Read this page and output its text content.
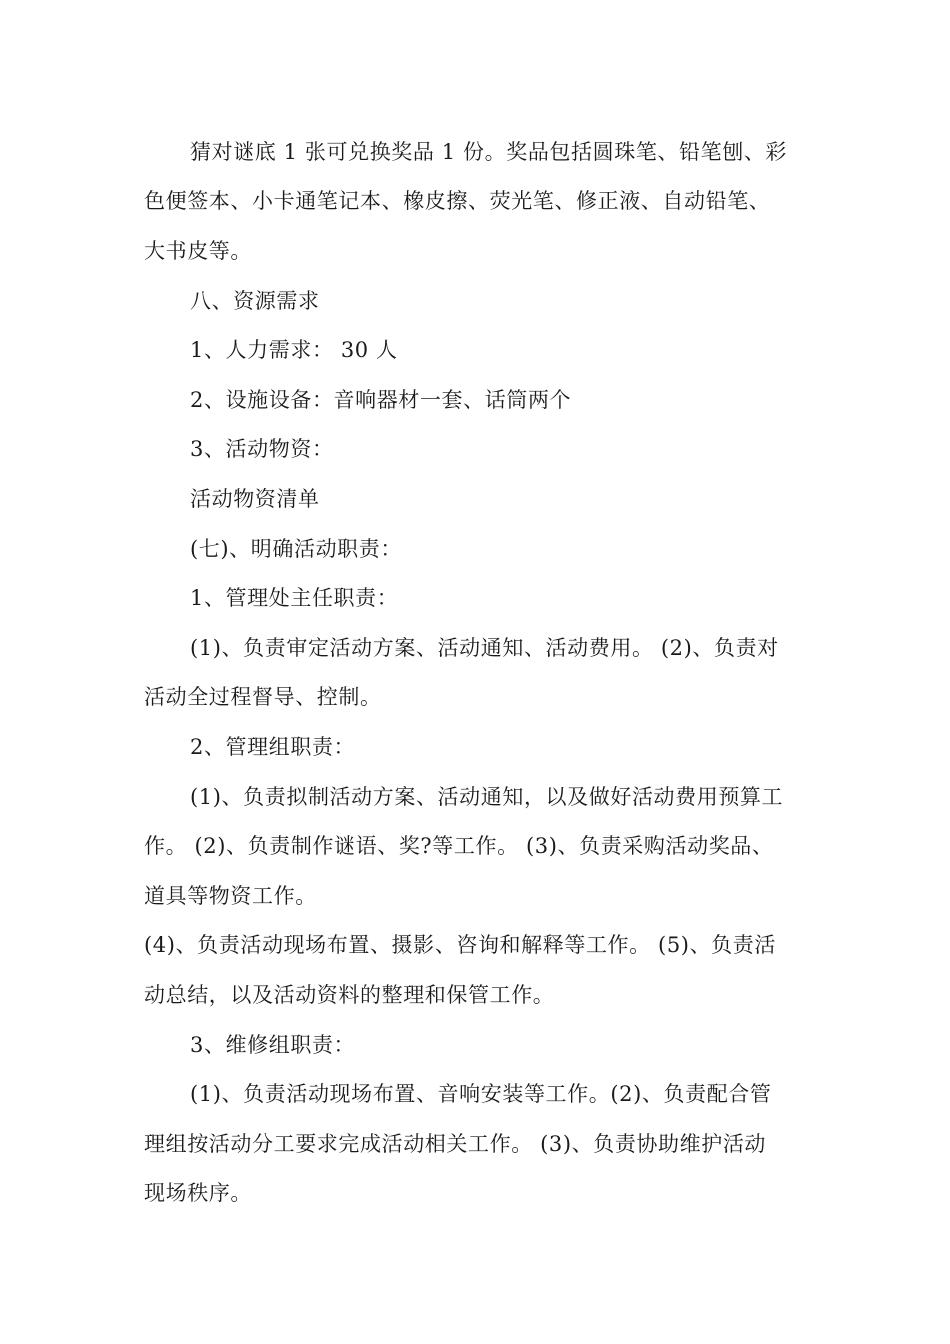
猜对谜底 1 张可兑换奖品 1 份。奖品包括圆珠笔、铅笔刨、彩
色便签本、小卡通笔记本、橡皮擦、荧光笔、修正液、自动铅笔、
大书皮等。
八、资源需求
1、人力需求： 30 人
2、设施设备：音响器材一套、话筒两个
3、活动物资：
活动物资清单
(七)、明确活动职责：
1、管理处主任职责：
(1)、负责审定活动方案、活动通知、活动费用。 (2)、负责对
活动全过程督导、控制。
2、管理组职责：
(1)、负责拟制活动方案、活动通知，以及做好活动费用预算工
作。 (2)、负责制作谜语、奖?等工作。 (3)、负责采购活动奖品、
道具等物资工作。
(4)、负责活动现场布置、摄影、咨询和解释等工作。 (5)、负责活
动总结，以及活动资料的整理和保管工作。
3、维修组职责：
(1)、负责活动现场布置、音响安装等工作。(2)、负责配合管
理组按活动分工要求完成活动相关工作。 (3)、负责协助维护活动
现场秩序。
